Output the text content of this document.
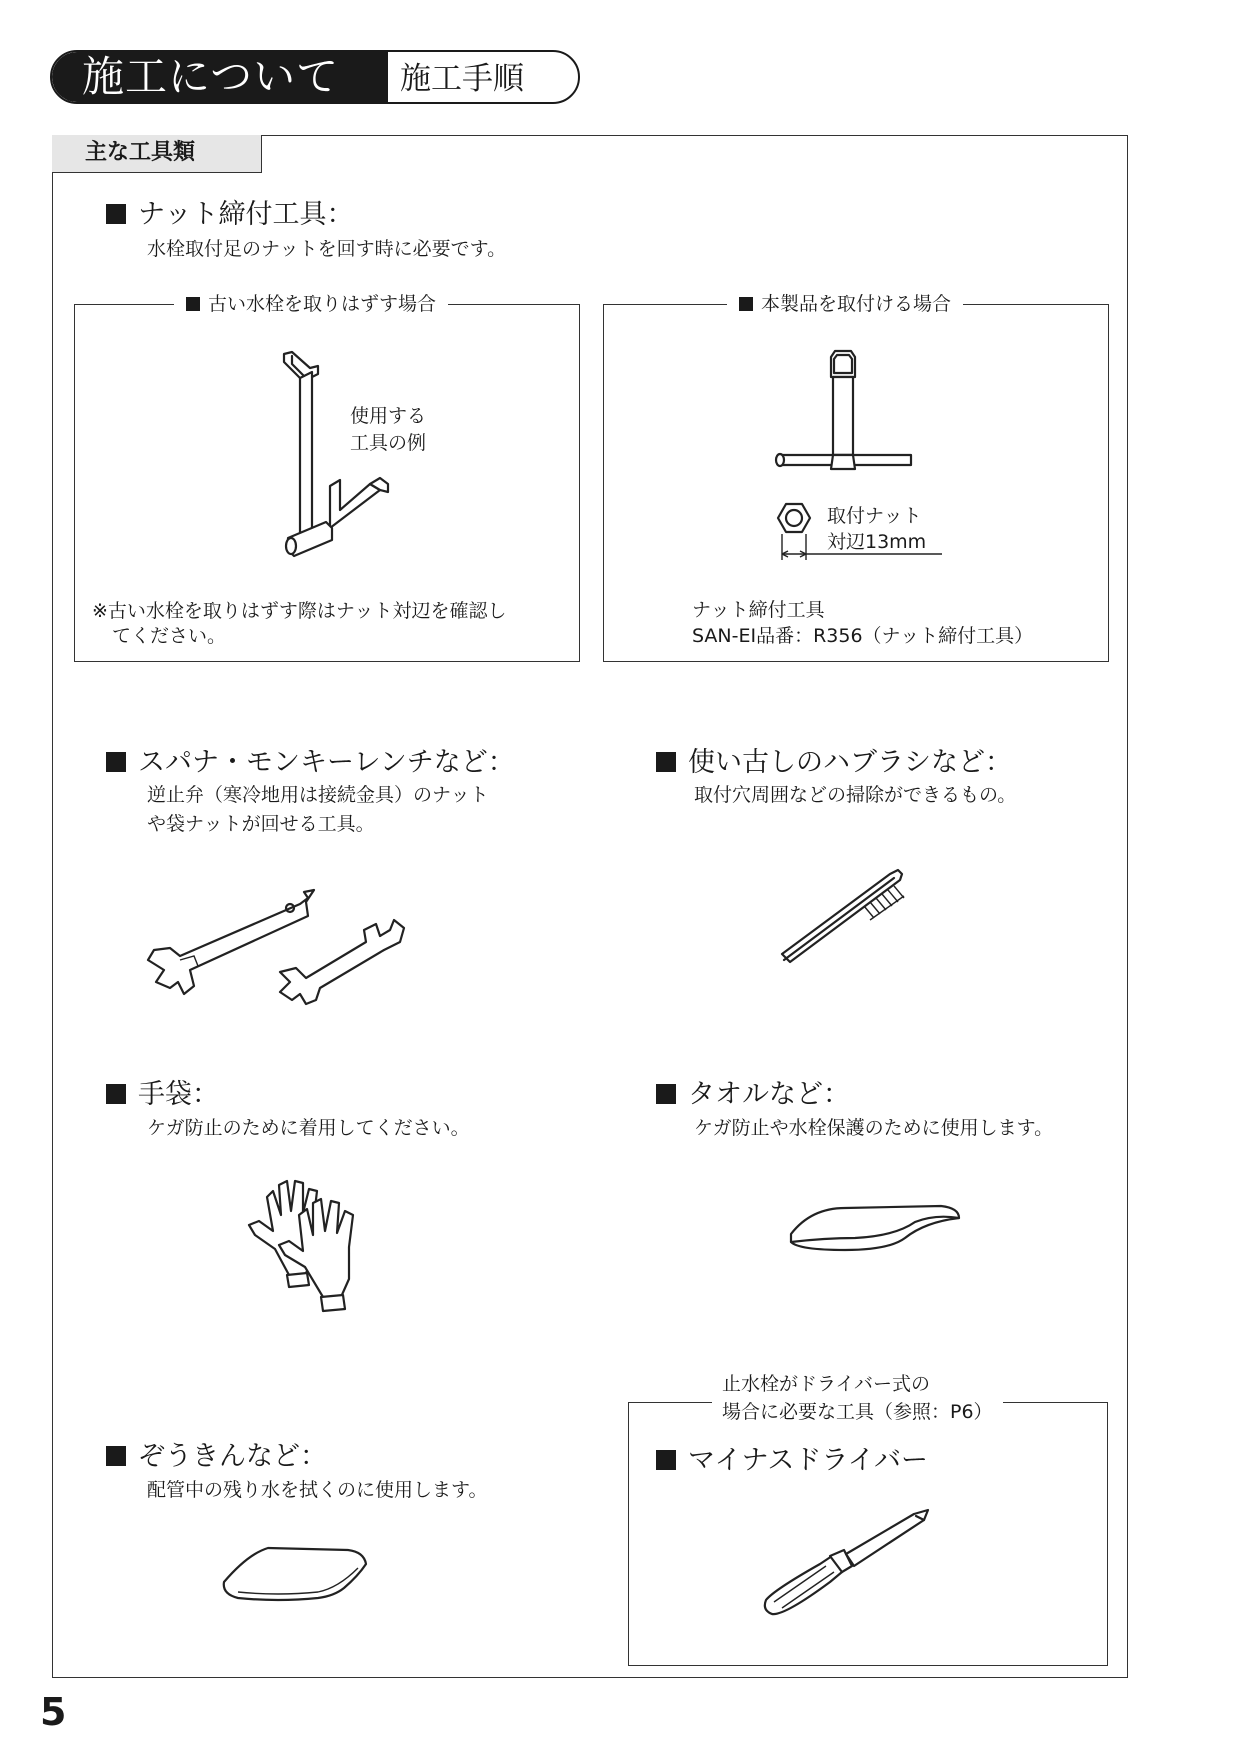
施工について 施工手順
主な工具類
ナット締付工具：
水栓取付足のナットを回す時に必要です。
古い水栓を取りはずす場合
使用する
工具の例
※古い水栓を取りはずす際はナット対辺を確認し
てください。
本製品を取付ける場合
取付ナット
対辺13mm
ナット締付工具
SAN-EI品番：R356（ナット締付工具）
スパナ・モンキーレンチなど：
逆止弁（寒冷地用は接続金具）のナット
や袋ナットが回せる工具。
使い古しのハブラシなど：
取付穴周囲などの掃除ができるもの。
手袋：
ケガ防止のために着用してください。
タオルなど：
ケガ防止や水栓保護のために使用します。
ぞうきんなど：
配管中の残り水を拭くのに使用します。
止水栓がドライバー式の
場合に必要な工具（参照：P6）
マイナスドライバー
5
